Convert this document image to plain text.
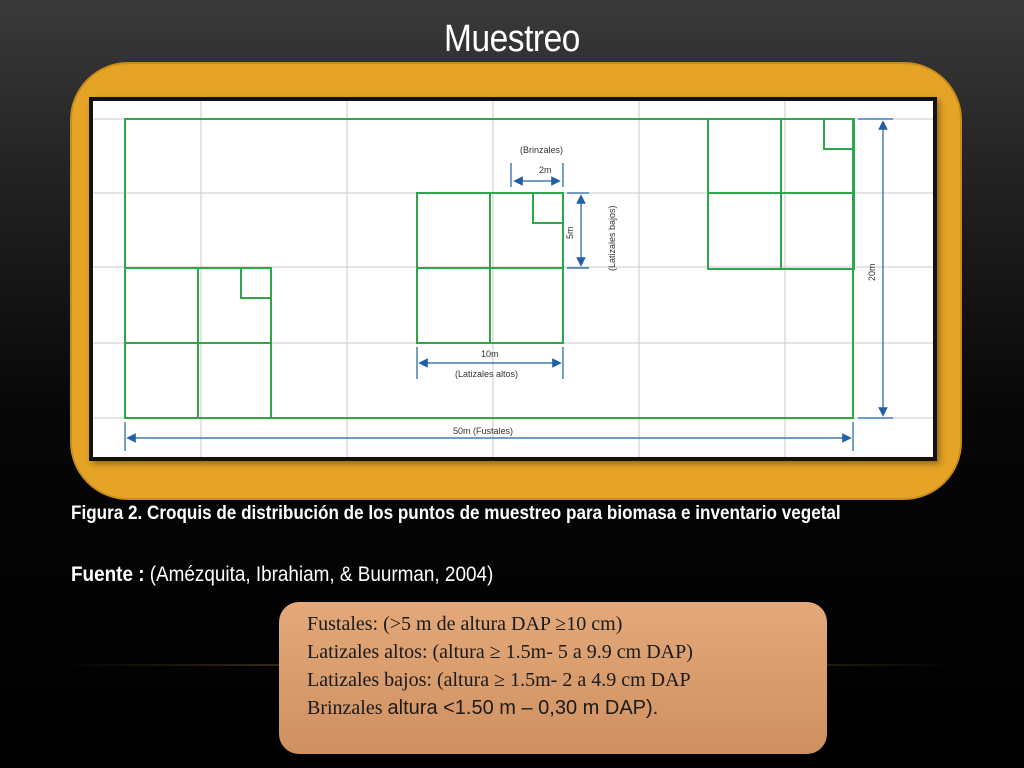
Muestreo
(Brinzales)
2m
5m	(Latizales bajos)
10m
(Latizales altos)
20m
50m (Fustales)
Figura 2. Croquis de distribución de los puntos de muestreo para biomasa e inventario vegetal
Fuente : (Amézquita, Ibrahiam, & Buurman, 2004)
Fustales: (>5 m de altura DAP ≥10 cm)
Latizales altos: (altura ≥ 1.5m- 5 a 9.9 cm DAP)
Latizales bajos: (altura ≥ 1.5m- 2 a 4.9 cm DAP
Brinzales altura <1.50 m – 0,30 m DAP).
